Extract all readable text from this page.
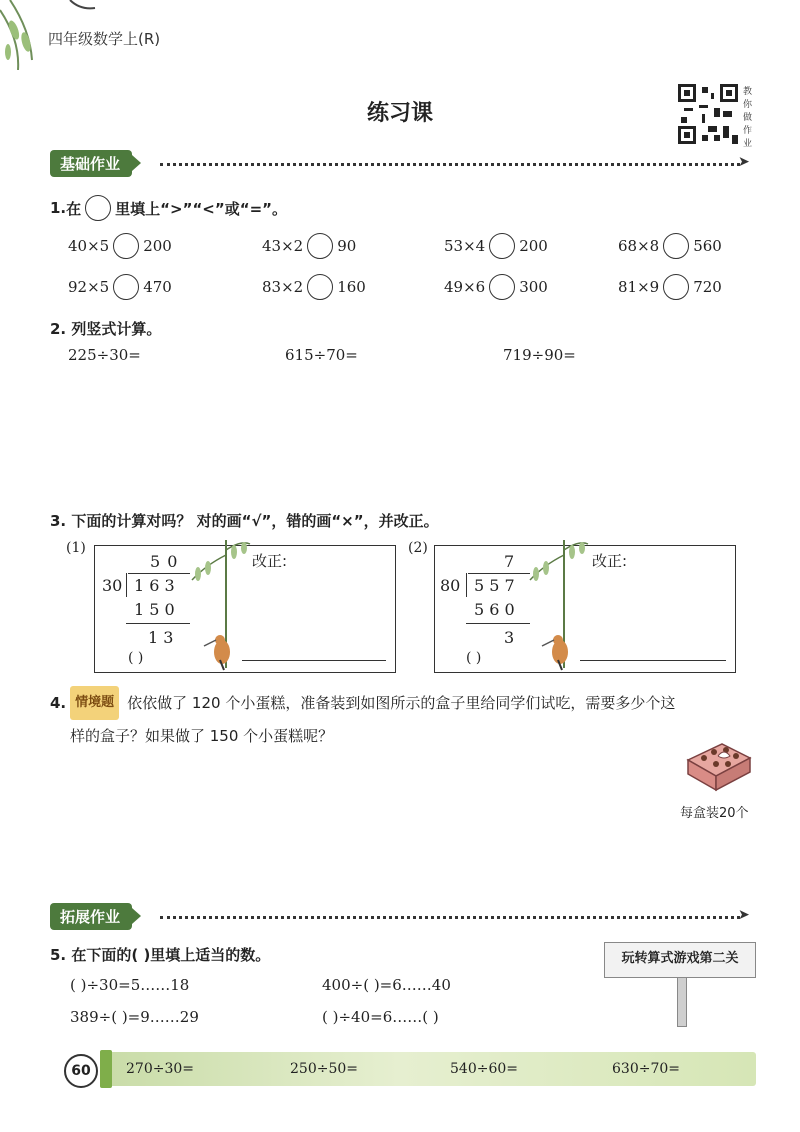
四年级数学上(R)
练习课
教你做作业
基础作业	➤
1. 在 里填上“>”“<”或“=”。
40×5 200	43×2 90	53×4 200	68×8 560
92×5 470	83×2 160	49×6 300	81×9 720
2. 列竖式计算。
225÷30=	615÷70=	719÷90=
3. 下面的计算对吗？ 对的画“√”，错的画“×”，并改正。
(1)
5 0
30 1 6 3
1 5 0
1 3
( )
改正:
(2)
7
80 5 5 7
5 6 0
3
( )
改正:
4. 情境题 依依做了 120 个小蛋糕，准备装到如图所示的盒子里给同学们试吃，需要多少个这
样的盒子？如果做了 150 个小蛋糕呢？
每盒装20个
拓展作业	➤
5. 在下面的( )里填上适当的数。
( )÷30=5……18	400÷( )=6……40
389÷( )=9……29	( )÷40=6……( )
玩转算式游戏第二关
60	270÷30=	250÷50=	540÷60=	630÷70=
